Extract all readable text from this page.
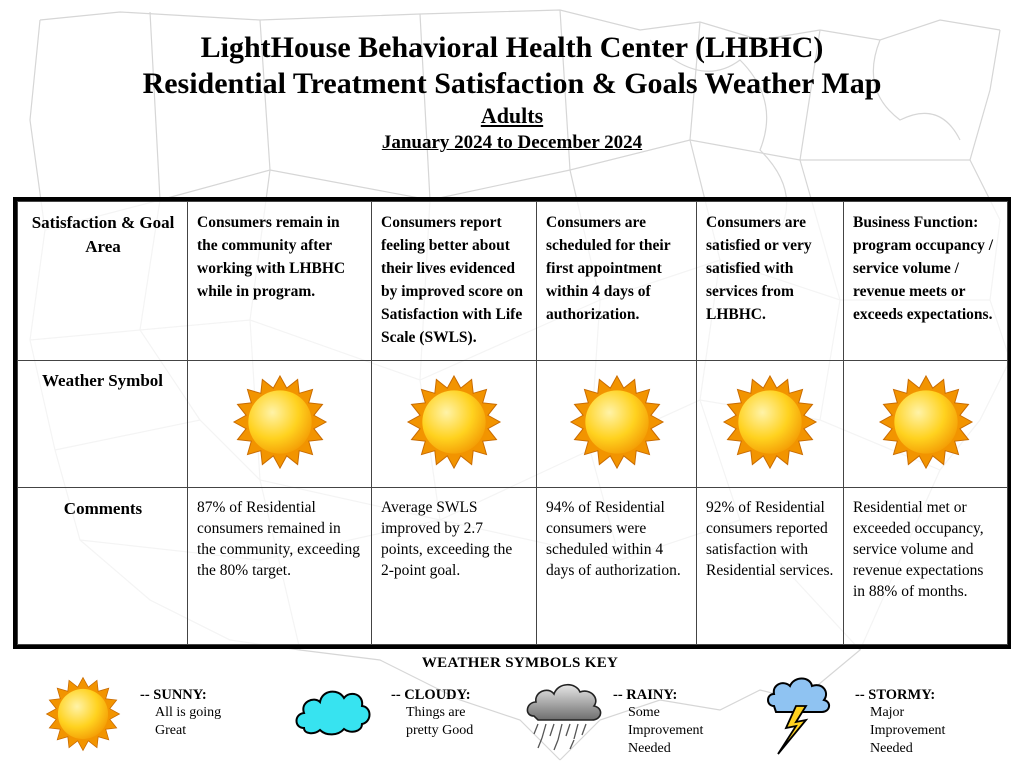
LightHouse Behavioral Health Center (LHBHC)
Residential Treatment Satisfaction & Goals Weather Map
Adults
January 2024 to December 2024
Satisfaction & Goal Area	Consumers remain in the community after working with LHBHC while in program.	Consumers report feeling better about their lives evidenced by improved score on Satisfaction with Life Scale (SWLS).	Consumers are scheduled for their first appointment within 4 days of authorization.	Consumers are satisfied or very satisfied with services from LHBHC.	Business Function: program occupancy / service volume / revenue meets or exceeds expectations.
Weather Symbol					
Comments	87% of Residential consumers remained in the community, exceeding the 80% target.	Average SWLS improved by 2.7 points, exceeding the 2-point goal.	94% of Residential consumers were scheduled within 4 days of authorization.	92% of Residential consumers reported satisfaction with Residential services.	Residential met or exceeded occupancy, service volume and revenue expectations in 88% of months.
WEATHER SYMBOLS KEY
-- SUNNY:
All is going
Great
-- CLOUDY:
Things are
pretty Good
-- RAINY:
Some
Improvement
Needed
-- STORMY:
Major
Improvement
Needed
